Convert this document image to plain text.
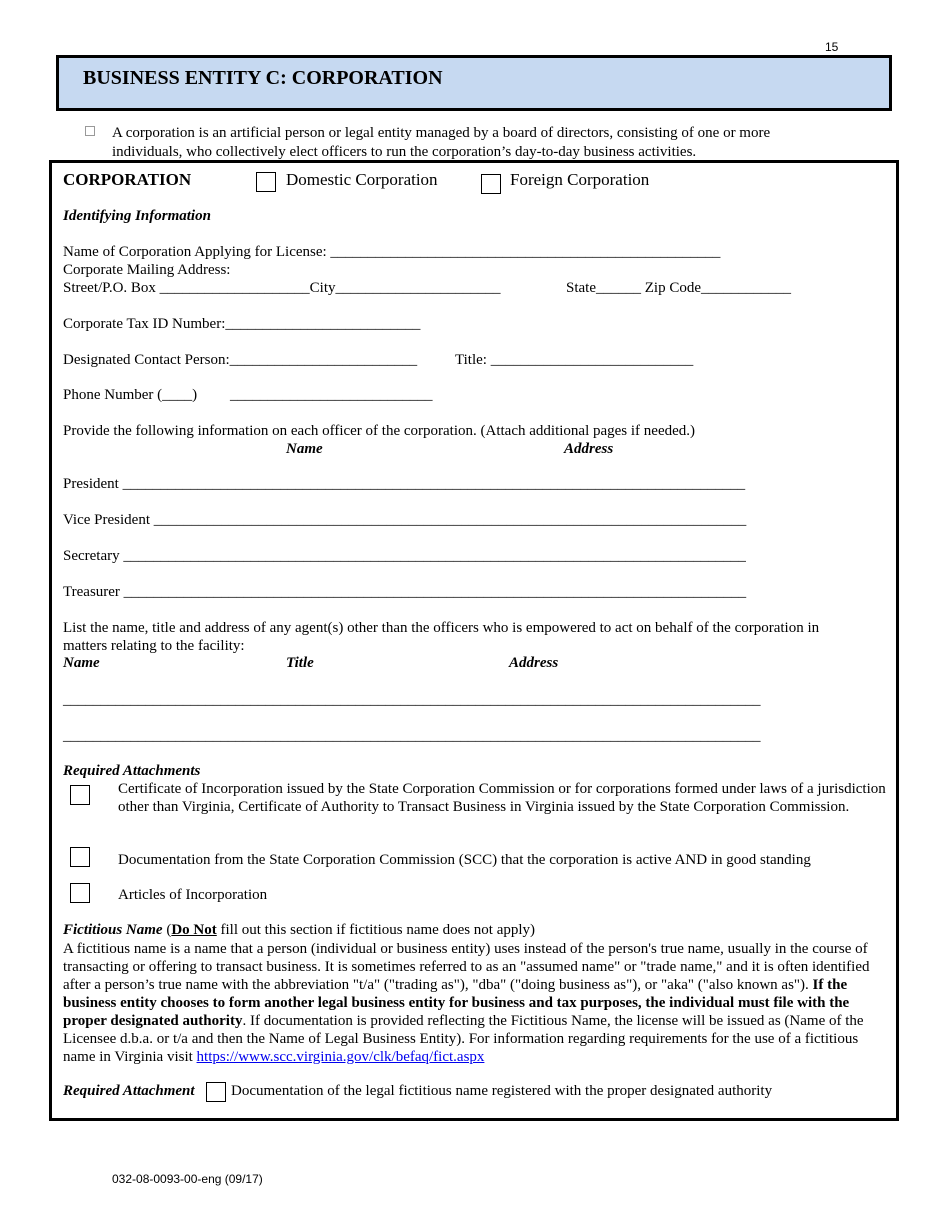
15
BUSINESS ENTITY C: CORPORATION
A corporation is an artificial person or legal entity managed by a board of directors, consisting of one or more individuals, who collectively elect officers to run the corporation’s day-to-day business activities.
CORPORATION	Domestic Corporation	Foreign Corporation
Identifying Information
Name of Corporation Applying for License: ____________________________________________________
Corporate Mailing Address:
Street/P.O. Box ____________________City______________________	State______ Zip Code____________
Corporate Tax ID Number:__________________________
Designated Contact Person:_________________________	Title: ___________________________
Phone Number (____) ___________________________
Provide the following information on each officer of the corporation. (Attach additional pages if needed.)
Name	Address
President ___________________________________________________________________________________
Vice President _______________________________________________________________________________
Secretary ___________________________________________________________________________________
Treasurer ___________________________________________________________________________________
List the name, title and address of any agent(s) other than the officers who is empowered to act on behalf of the corporation in matters relating to the facility:
Name	Title	Address
_____________________________________________________________________________________________
_____________________________________________________________________________________________
Required Attachments
Certificate of Incorporation issued by the State Corporation Commission or for corporations formed under laws of a jurisdiction other than Virginia, Certificate of Authority to Transact Business in Virginia issued by the State Corporation Commission.
Documentation from the State Corporation Commission (SCC) that the corporation is active AND in good standing
Articles of Incorporation
Fictitious Name (Do Not fill out this section if fictitious name does not apply)
A fictitious name is a name that a person (individual or business entity) uses instead of the person's true name, usually in the course of transacting or offering to transact business. It is sometimes referred to as an "assumed name" or "trade name," and it is often identified after a person’s true name with the abbreviation "t/a" ("trading as"), "dba" ("doing business as"), or "aka" ("also known as"). If the business entity chooses to form another legal business entity for business and tax purposes, the individual must file with the proper designated authority. If documentation is provided reflecting the Fictitious Name, the license will be issued as (Name of the Licensee d.b.a. or t/a and then the Name of Legal Business Entity). For information regarding requirements for the use of a fictitious name in Virginia visit https://www.scc.virginia.gov/clk/befaq/fict.aspx
Required Attachment Documentation of the legal fictitious name registered with the proper designated authority
032-08-0093-00-eng (09/17)
